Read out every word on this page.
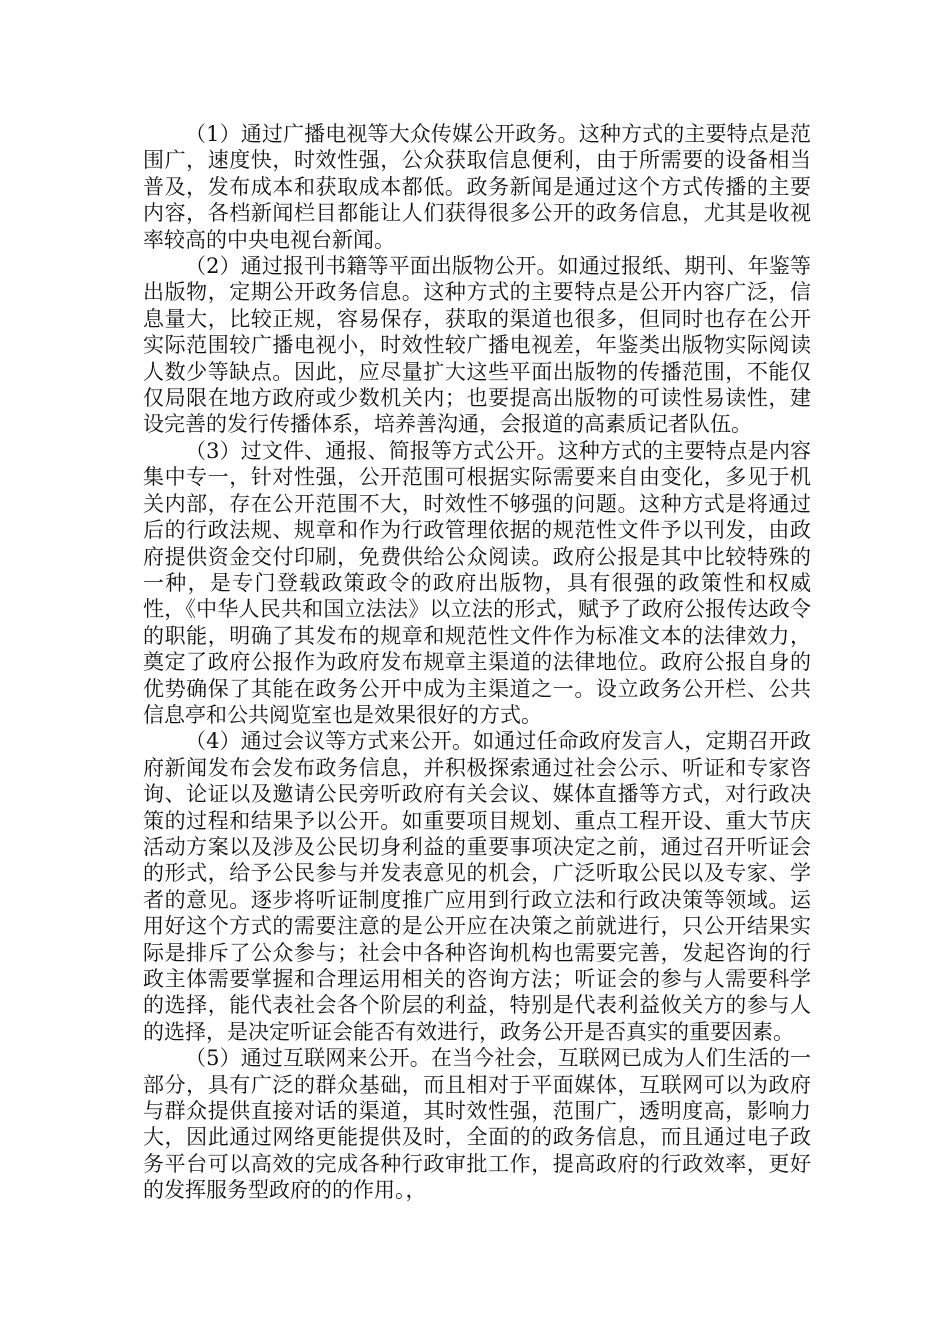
（1）通过广播电视等大众传媒公开政务。这种方式的主要特点是范围广，速度快，时效性强，公众获取信息便利，由于所需要的设备相当普及，发布成本和获取成本都低。政务新闻是通过这个方式传播的主要内容，各档新闻栏目都能让人们获得很多公开的政务信息，尤其是收视率较高的中央电视台新闻。

（2）通过报刊书籍等平面出版物公开。如通过报纸、期刊、年鉴等出版物，定期公开政务信息。这种方式的主要特点是公开内容广泛，信息量大，比较正规，容易保存，获取的渠道也很多，但同时也存在公开实际范围较广播电视小，时效性较广播电视差，年鉴类出版物实际阅读人数少等缺点。因此，应尽量扩大这些平面出版物的传播范围，不能仅仅局限在地方政府或少数机关内；也要提高出版物的可读性易读性，建设完善的发行传播体系，培养善沟通，会报道的高素质记者队伍。

（3）过文件、通报、简报等方式公开。这种方式的主要特点是内容集中专一，针对性强，公开范围可根据实际需要来自由变化，多见于机关内部，存在公开范围不大，时效性不够强的问题。这种方式是将通过后的行政法规、规章和作为行政管理依据的规范性文件予以刊发，由政府提供资金交付印刷，免费供给公众阅读。政府公报是其中比较特殊的一种，是专门登载政策政令的政府出版物，具有很强的政策性和权威性，《中华人民共和国立法法》以立法的形式，赋予了政府公报传达政令的职能，明确了其发布的规章和规范性文件作为标准文本的法律效力，奠定了政府公报作为政府发布规章主渠道的法律地位。政府公报自身的优势确保了其能在政务公开中成为主渠道之一。设立政务公开栏、公共信息亭和公共阅览室也是效果很好的方式。

（4）通过会议等方式来公开。如通过任命政府发言人，定期召开政府新闻发布会发布政务信息，并积极探索通过社会公示、听证和专家咨询、论证以及邀请公民旁听政府有关会议、媒体直播等方式，对行政决策的过程和结果予以公开。如重要项目规划、重点工程开设、重大节庆活动方案以及涉及公民切身利益的重要事项决定之前，通过召开听证会的形式，给予公民参与并发表意见的机会，广泛听取公民以及专家、学者的意见。逐步将听证制度推广应用到行政立法和行政决策等领域。运用好这个方式的需要注意的是公开应在决策之前就进行，只公开结果实际是排斥了公众参与；社会中各种咨询机构也需要完善，发起咨询的行政主体需要掌握和合理运用相关的咨询方法；听证会的参与人需要科学的选择，能代表社会各个阶层的利益，特别是代表利益攸关方的参与人的选择，是决定听证会能否有效进行，政务公开是否真实的重要因素。

（5）通过互联网来公开。在当今社会，互联网已成为人们生活的一部分，具有广泛的群众基础，而且相对于平面媒体，互联网可以为政府与群众提供直接对话的渠道，其时效性强，范围广，透明度高，影响力大，因此通过网络更能提供及时，全面的的政务信息，而且通过电子政务平台可以高效的完成各种行政审批工作，提高政府的行政效率，更好的发挥服务型政府的的作用。，
